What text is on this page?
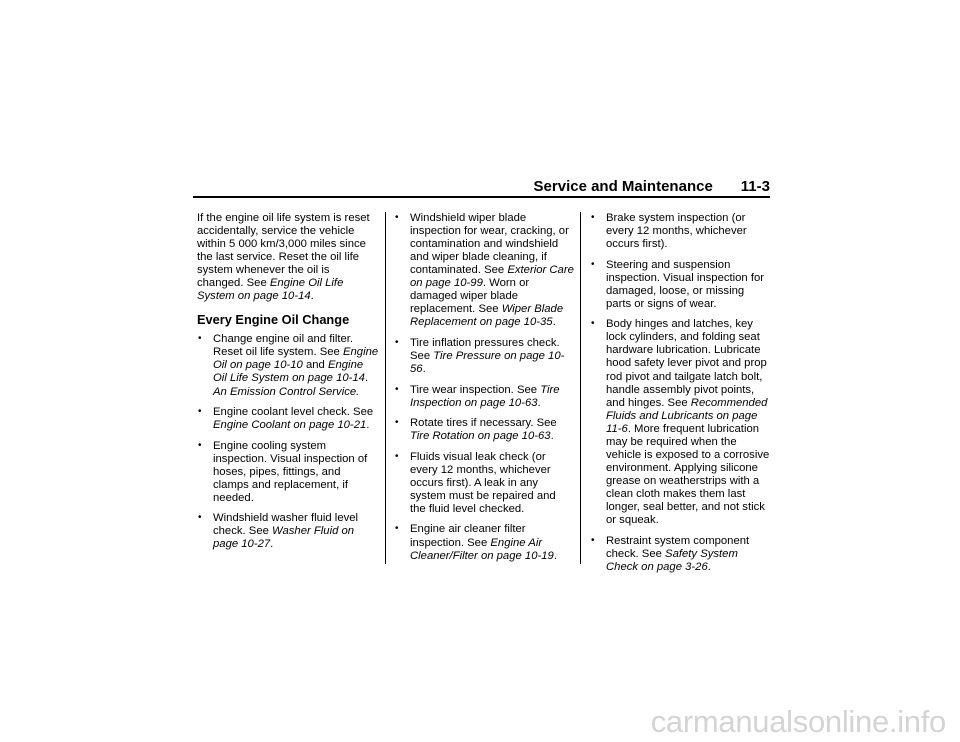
Service and Maintenance 11-3

If the engine oil life system is reset accidentally, service the vehicle within 5 000 km/3,000 miles since the last service. Reset the oil life system whenever the oil is changed. See Engine Oil Life System on page 10-14.

Every Engine Oil Change
• Change engine oil and filter. Reset oil life system. See Engine Oil on page 10-10 and Engine Oil Life System on page 10-14. An Emission Control Service.
• Engine coolant level check. See Engine Coolant on page 10-21.
• Engine cooling system inspection. Visual inspection of hoses, pipes, fittings, and clamps and replacement, if needed.
• Windshield washer fluid level check. See Washer Fluid on page 10-27.
• Windshield wiper blade inspection for wear, cracking, or contamination and windshield and wiper blade cleaning, if contaminated. See Exterior Care on page 10-99. Worn or damaged wiper blade replacement. See Wiper Blade Replacement on page 10-35.
• Tire inflation pressures check. See Tire Pressure on page 10-56.
• Tire wear inspection. See Tire Inspection on page 10-63.
• Rotate tires if necessary. See Tire Rotation on page 10-63.
• Fluids visual leak check (or every 12 months, whichever occurs first). A leak in any system must be repaired and the fluid level checked.
• Engine air cleaner filter inspection. See Engine Air Cleaner/Filter on page 10-19.
• Brake system inspection (or every 12 months, whichever occurs first).
• Steering and suspension inspection. Visual inspection for damaged, loose, or missing parts or signs of wear.
• Body hinges and latches, key lock cylinders, and folding seat hardware lubrication. Lubricate hood safety lever pivot and prop rod pivot and tailgate latch bolt, handle assembly pivot points, and hinges. See Recommended Fluids and Lubricants on page 11-6. More frequent lubrication may be required when the vehicle is exposed to a corrosive environment. Applying silicone grease on weatherstrips with a clean cloth makes them last longer, seal better, and not stick or squeak.
• Restraint system component check. See Safety System Check on page 3-26.
carmanualsonline.info
